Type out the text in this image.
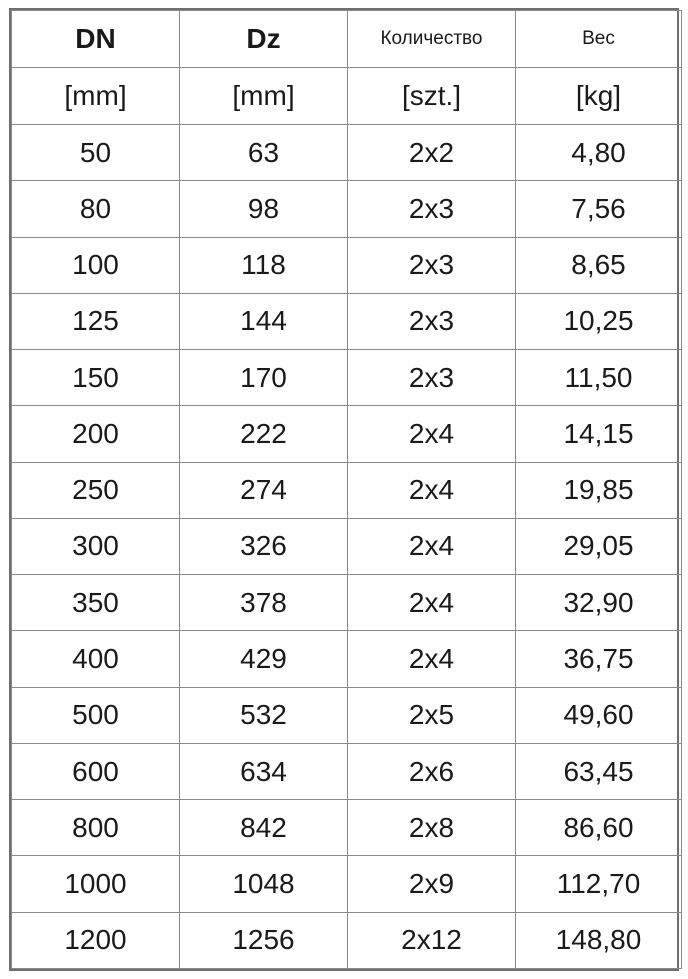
DN	Dz	Количество	Вес
[mm]	[mm]	[szt.]	[kg]
50	63	2x2	4,80
80	98	2x3	7,56
100	118	2x3	8,65
125	144	2x3	10,25
150	170	2x3	11,50
200	222	2x4	14,15
250	274	2x4	19,85
300	326	2x4	29,05
350	378	2x4	32,90
400	429	2x4	36,75
500	532	2x5	49,60
600	634	2x6	63,45
800	842	2x8	86,60
1000	1048	2x9	112,70
1200	1256	2x12	148,80
